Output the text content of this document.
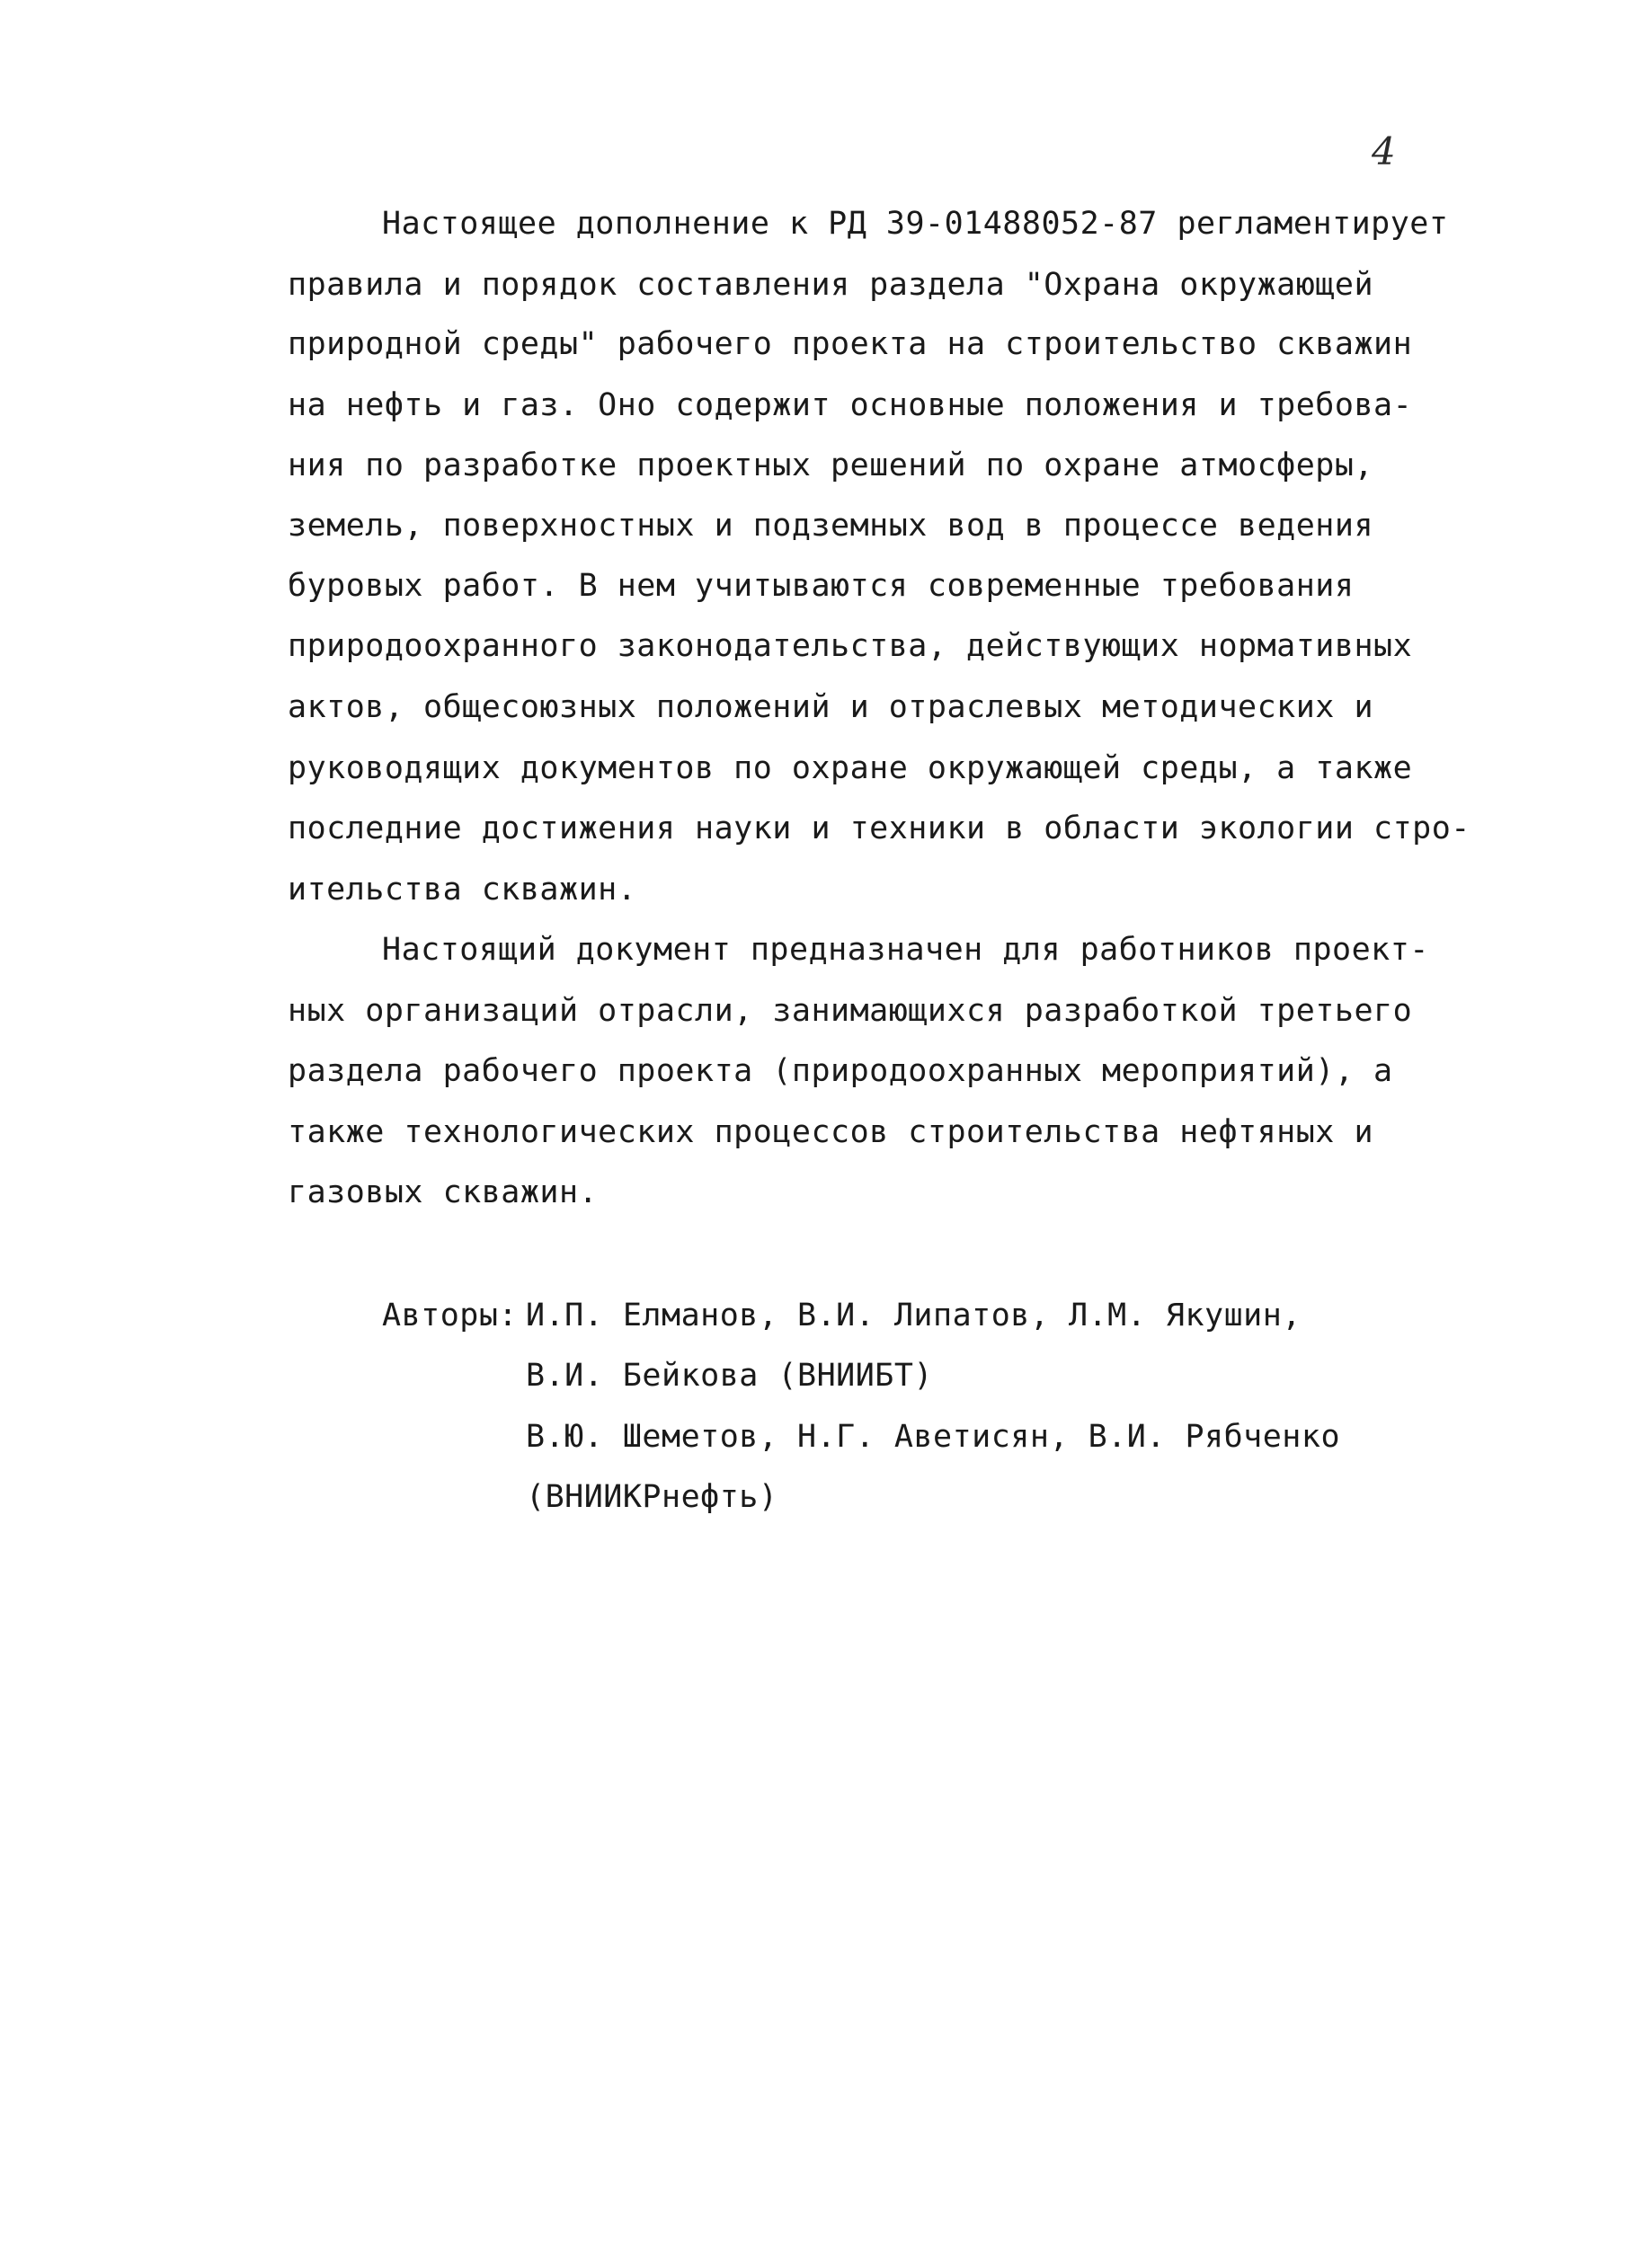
4
Настоящее дополнение к РД 39-01488052-87 регламентирует
правила и порядок составления раздела "Охрана окружающей
природной среды" рабочего проекта на строительство скважин
на нефть и газ. Оно содержит основные положения и требова-
ния по разработке проектных решений по охране атмосферы,
земель, поверхностных и подземных вод в процессе ведения
буровых работ. В нем учитываются современные требования
природоохранного законодательства, действующих нормативных
актов, общесоюзных положений и отраслевых методических и
руководящих документов по охране окружающей среды, а также
последние достижения науки и техники в области экологии стро-
ительства скважин.
Настоящий документ предназначен для работников проект-
ных организаций отрасли, занимающихся разработкой третьего
раздела рабочего проекта (природоохранных мероприятий), а
также технологических процессов строительства нефтяных и
газовых скважин.
Авторы: И.П. Елманов, В.И. Липатов, Л.М. Якушин,
В.И. Бейкова (ВНИИБТ)
В.Ю. Шеметов, Н.Г. Аветисян, В.И. Рябченко
(ВНИИКРнефть)
